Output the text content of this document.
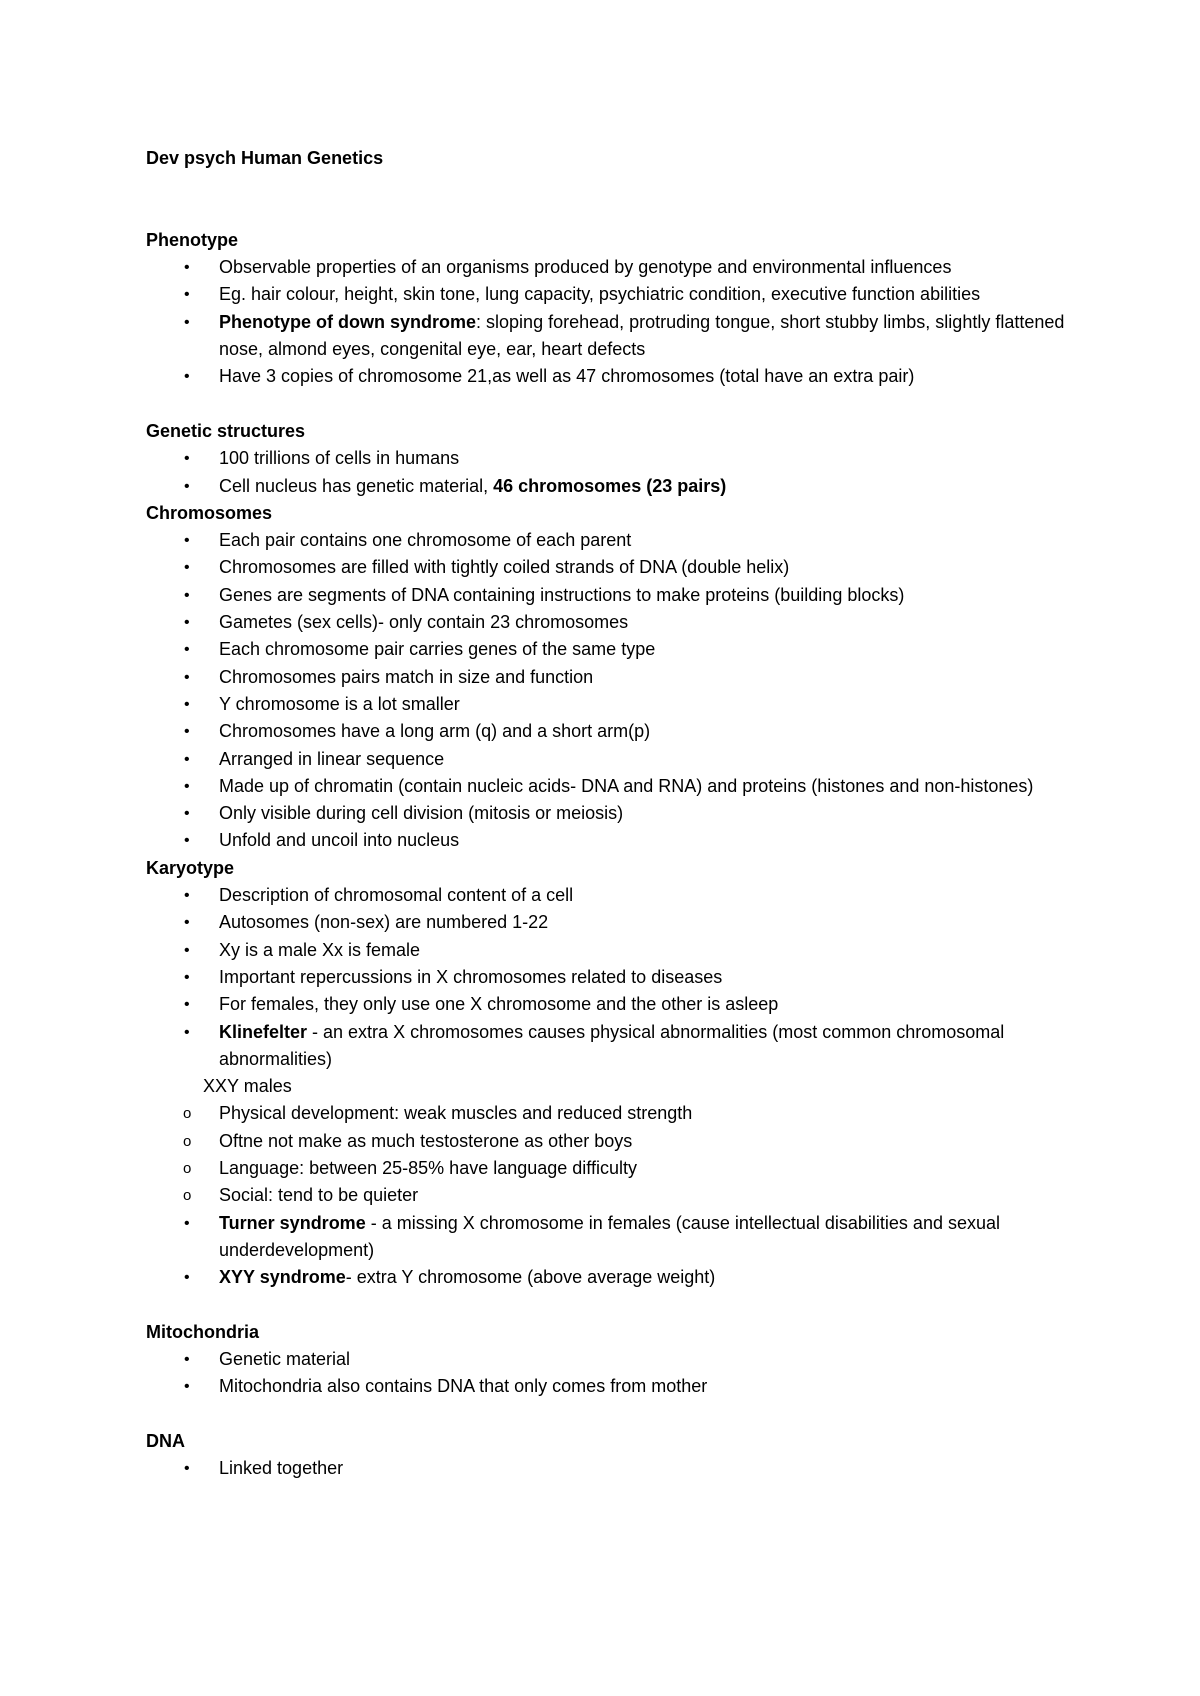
Dev psych Human Genetics
Phenotype
• Observable properties of an organisms produced by genotype and environmental influences
• Eg. hair colour, height, skin tone, lung capacity, psychiatric condition, executive function abilities
• Phenotype of down syndrome: sloping forehead, protruding tongue, short stubby limbs, slightly flattened nose, almond eyes, congenital eye, ear, heart defects
• Have 3 copies of chromosome 21,as well as 47 chromosomes (total have an extra pair)
Genetic structures
• 100 trillions of cells in humans
• Cell nucleus has genetic material, 46 chromosomes (23 pairs)
Chromosomes
• Each pair contains one chromosome of each parent
• Chromosomes are filled with tightly coiled strands of DNA (double helix)
• Genes are segments of DNA containing instructions to make proteins (building blocks)
• Gametes (sex cells)- only contain 23 chromosomes
• Each chromosome pair carries genes of the same type
• Chromosomes pairs match in size and function
• Y chromosome is a lot smaller
• Chromosomes have a long arm (q) and a short arm(p)
• Arranged in linear sequence
• Made up of chromatin (contain nucleic acids- DNA and RNA) and proteins (histones and non-histones)
• Only visible during cell division (mitosis or meiosis)
• Unfold and uncoil into nucleus
Karyotype
• Description of chromosomal content of a cell
• Autosomes (non-sex) are numbered 1-22
• Xy is a male Xx is female
• Important repercussions in X chromosomes related to diseases
• For females, they only use one X chromosome and the other is asleep
• Klinefelter - an extra X chromosomes causes physical abnormalities (most common chromosomal abnormalities)
XXY males
o Physical development: weak muscles and reduced strength
o Oftne not make as much testosterone as other boys
o Language: between 25-85% have language difficulty
o Social: tend to be quieter
• Turner syndrome - a missing X chromosome in females (cause intellectual disabilities and sexual underdevelopment)
• XYY syndrome- extra Y chromosome (above average weight)
Mitochondria
• Genetic material
• Mitochondria also contains DNA that only comes from mother
DNA
• Linked together
